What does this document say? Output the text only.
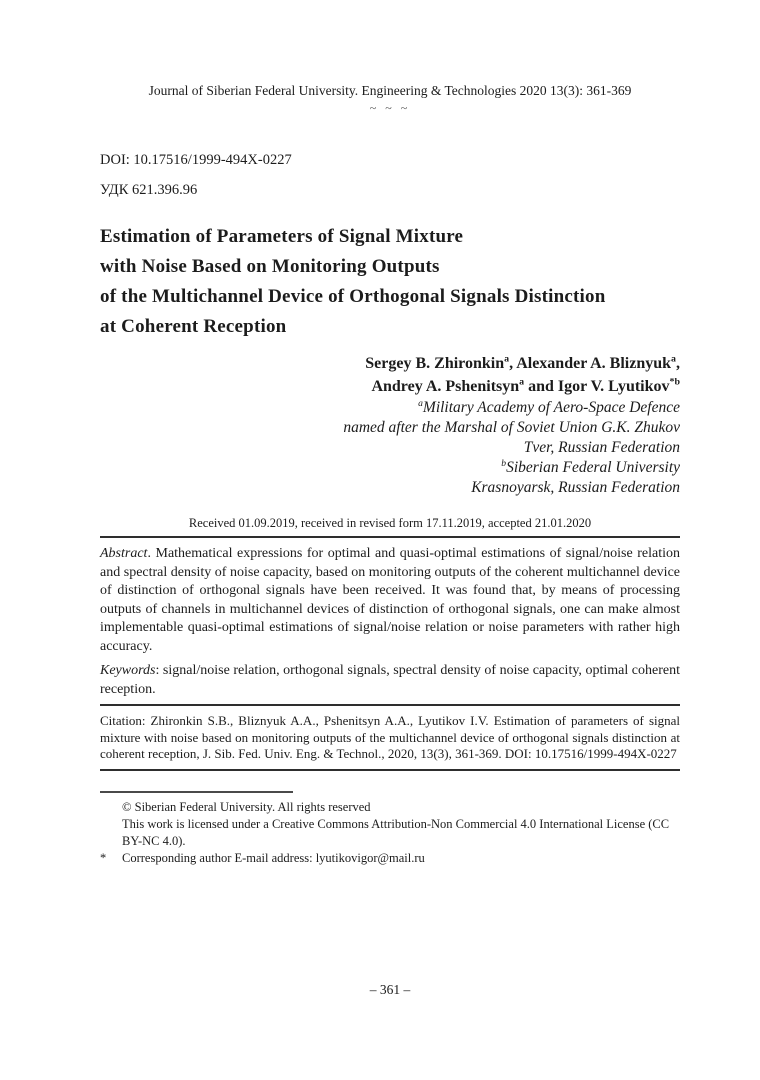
Journal of Siberian Federal University. Engineering & Technologies 2020 13(3): 361-369
~ ~ ~
DOI: 10.17516/1999-494X-0227
УДК 621.396.96
Estimation of Parameters of Signal Mixture
with Noise Based on Monitoring Outputs
of the Multichannel Device of Orthogonal Signals Distinction
at Coherent Reception
Sergey B. Zhironkin$^a$, Alexander A. Bliznyuk$^a$,
Andrey A. Pshenitsyn$^a$ and Igor V. Lyutikov$^{*b}$
$^a$Military Academy of Aero-Space Defence
named after the Marshal of Soviet Union G.K. Zhukov
Tver, Russian Federation
$^b$Siberian Federal University
Krasnoyarsk, Russian Federation
Received 01.09.2019, received in revised form 17.11.2019, accepted 21.01.2020

Abstract. Mathematical expressions for optimal and quasi-optimal estimations of signal/noise relation and spectral density of noise capacity, based on monitoring outputs of the coherent multichannel device of distinction of orthogonal signals have been received. It was found that, by means of processing outputs of channels in multichannel devices of distinction of orthogonal signals, one can make almost implementable quasi-optimal estimations of signal/noise relation or noise parameters with rather high accuracy.

Keywords: signal/noise relation, orthogonal signals, spectral density of noise capacity, optimal coherent reception.

Citation: Zhironkin S.B., Bliznyuk A.A., Pshenitsyn A.A., Lyutikov I.V. Estimation of parameters of signal mixture with noise based on monitoring outputs of the multichannel device of orthogonal signals distinction at coherent reception, J. Sib. Fed. Univ. Eng. & Technol., 2020, 13(3), 361-369. DOI: 10.17516/1999-494X-0227

© Siberian Federal University. All rights reserved
This work is licensed under a Creative Commons Attribution-Non Commercial 4.0 International License (CC BY-NC 4.0).
*	Corresponding author E-mail address: lyutikovigor@mail.ru
– 361 –
